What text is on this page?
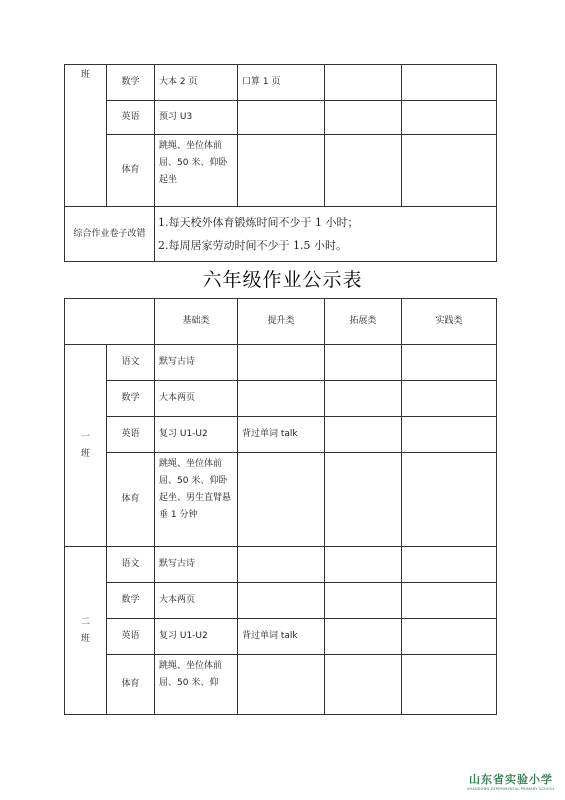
班	数学	大本 2 页	口算 1 页		
	英语	预习 U3			
	体育	跳绳、坐位体前屈、50 米、仰卧起坐			
综合作业卷子改错		1.每天校外体育锻炼时间不少于 1 小时；
2.每周居家劳动时间不少于 1.5 小时。			
六年级作业公示表
		基础类	提升类	拓展类	实践类

一
班	语文	默写古诗			
	数学	大本两页			
	英语	复习 U1-U2	背过单词 talk		
	体育	跳绳、坐位体前屈、50 米、仰卧起坐、男生直臂悬垂 1 分钟			

二
班	语文	默写古诗			
	数学	大本两页			
	英语	复习 U1-U2	背过单词 talk		
	体育	跳绳、坐位体前屈、50 米、仰			
山东省实验小学
SHANDONG EXPERIMENTAL PRIMARY SCHOOL
